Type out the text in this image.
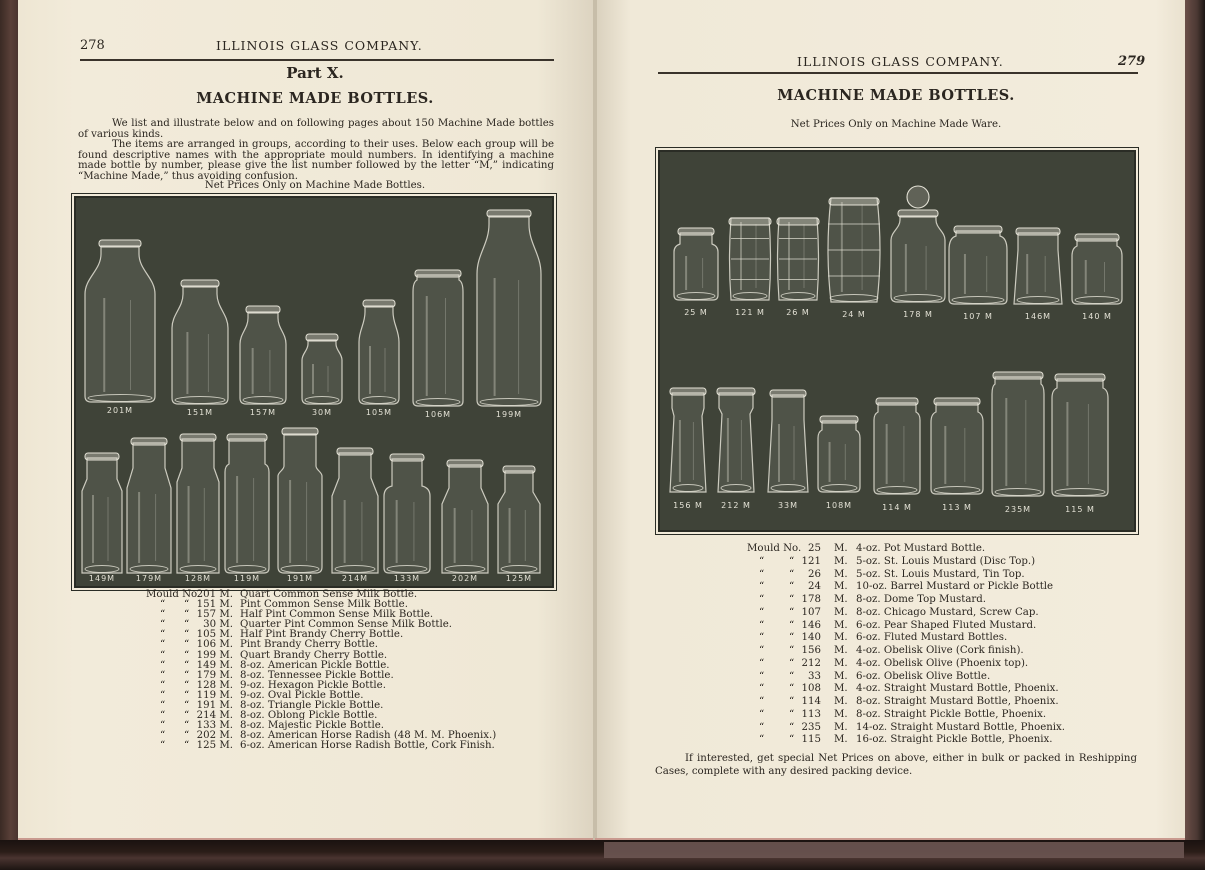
278	ILLINOIS GLASS COMPANY.
Part X.
MACHINE MADE BOTTLES.
We list and illustrate below and on following pages about 150 Machine Made bottles of various kinds.
The items are arranged in groups, according to their uses. Below each group will be found descriptive names with the appropriate mould numbers. In identifying a machine made bottle by number, please give the list number followed by the letter “M,” indicating “Machine Made,” thus avoiding confusion.
Net Prices Only on Machine Made Bottles.
201M	151M	157M	30M	105M	106M	199M
149M	179M	128M	119M	191M	214M	133M	202M	125M
Mould No.
201 M. Quart Common Sense Milk Bottle.
“ “ 151 M. Pint Common Sense Milk Bottle.
“ “ 157 M. Half Pint Common Sense Milk Bottle.
“ “	30 M. Quarter Pint Common Sense Milk Bottle.
“ “ 105 M. Half Pint Brandy Cherry Bottle.
“ “ 106 M. Pint Brandy Cherry Bottle.
“ “ 199 M. Quart Brandy Cherry Bottle.
“ “ 149 M. 8-oz. American Pickle Bottle.
“ “ 179 M. 8-oz. Tennessee Pickle Bottle.
“ “ 128 M. 9-oz. Hexagon Pickle Bottle.
“ “ 119 M. 9-oz. Oval Pickle Bottle.
“ “ 191 M. 8-oz. Triangle Pickle Bottle.
“ “ 214 M. 8-oz. Oblong Pickle Bottle.
“ “ 133 M. 8-oz. Majestic Pickle Bottle.
“ “ 202 M. 8-oz. American Horse Radish (48 M. M. Phoenix.)
“ “ 125 M. 6-oz. American Horse Radish Bottle, Cork Finish.
ILLINOIS GLASS COMPANY.	279
MACHINE MADE BOTTLES.
Net Prices Only on Machine Made Ware.
25 M	121 M	26 M	24 M	178 M	107 M	146M	140 M
156 M 212 M	33M	108M	114 M	113 M	235M	115 M
Mould No. 25 M. 4-oz. Pot Mustard Bottle.
“ “ 121 M. 5-oz. St. Louis Mustard (Disc Top.)
“ “	26 M. 5-oz. St. Louis Mustard, Tin Top.
“ “	24 M. 10-oz. Barrel Mustard or Pickle Bottle
“ “ 178 M. 8-oz. Dome Top Mustard.
“ “ 107 M. 8-oz. Chicago Mustard, Screw Cap.
“ “ 146 M. 6-oz. Pear Shaped Fluted Mustard.
“ “ 140 M. 6-oz. Fluted Mustard Bottles.
“ “ 156 M. 4-oz. Obelisk Olive (Cork finish).
“ “ 212 M. 4-oz. Obelisk Olive (Phoenix top).
“ “	33 M. 6-oz. Obelisk Olive Bottle.
“ “ 108 M. 4-oz. Straight Mustard Bottle, Phoenix.
“ “ 114 M. 8-oz. Straight Mustard Bottle, Phoenix.
“ “ 113 M. 8-oz. Straight Pickle Bottle, Phoenix.
“ “ 235 M. 14-oz. Straight Mustard Bottle, Phoenix.
“ “ 115 M. 16-oz. Straight Pickle Bottle, Phoenix.
If interested, get special Net Prices on above, either in bulk or packed in Reshipping Cases, complete with any desired packing device.
